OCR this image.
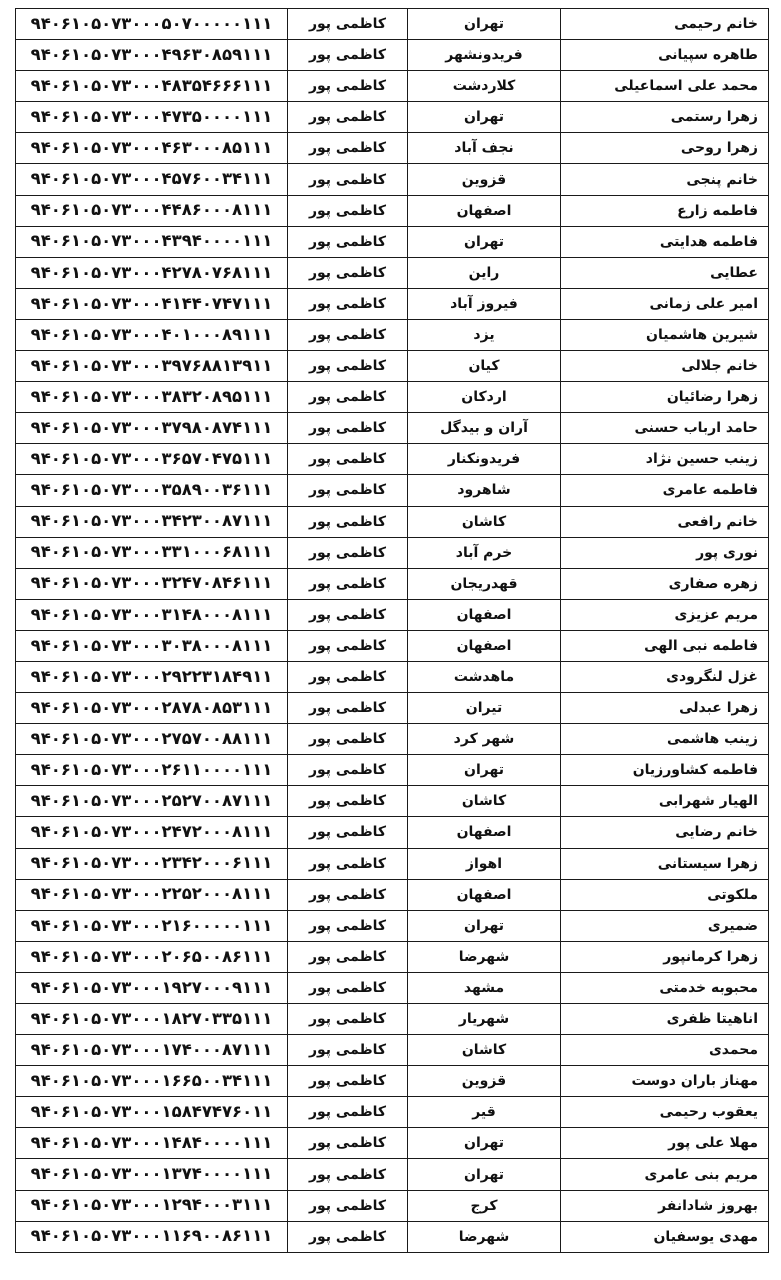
۹۴۰۶۱۰۵۰۷۳۰۰۰۵۰۷۰۰۰۰۰۱۱۱	کاظمی پور	تهران	خانم رحیمی
۹۴۰۶۱۰۵۰۷۳۰۰۰۴۹۶۳۰۸۵۹۱۱۱	کاظمی پور	فریدونشهر	طاهره سپیانی
۹۴۰۶۱۰۵۰۷۳۰۰۰۴۸۳۵۴۶۶۶۱۱۱	کاظمی پور	کلاردشت	محمد علی اسماعیلی
۹۴۰۶۱۰۵۰۷۳۰۰۰۴۷۳۵۰۰۰۰۱۱۱	کاظمی پور	تهران	زهرا رستمی
۹۴۰۶۱۰۵۰۷۳۰۰۰۴۶۳۰۰۰۸۵۱۱۱	کاظمی پور	نجف آباد	زهرا روحی
۹۴۰۶۱۰۵۰۷۳۰۰۰۴۵۷۶۰۰۳۴۱۱۱	کاظمی پور	قزوین	خانم پنجی
۹۴۰۶۱۰۵۰۷۳۰۰۰۴۴۸۶۰۰۰۸۱۱۱	کاظمی پور	اصفهان	فاطمه زارع
۹۴۰۶۱۰۵۰۷۳۰۰۰۴۳۹۴۰۰۰۰۱۱۱	کاظمی پور	تهران	فاطمه هدایتی
۹۴۰۶۱۰۵۰۷۳۰۰۰۴۲۷۸۰۷۶۸۱۱۱	کاظمی پور	راین	عطایی
۹۴۰۶۱۰۵۰۷۳۰۰۰۴۱۴۴۰۷۴۷۱۱۱	کاظمی پور	فیروز آباد	امیر علی زمانی
۹۴۰۶۱۰۵۰۷۳۰۰۰۴۰۱۰۰۰۸۹۱۱۱	کاظمی پور	یزد	شیرین هاشمیان
۹۴۰۶۱۰۵۰۷۳۰۰۰۳۹۷۶۸۸۱۳۹۱۱	کاظمی پور	کیان	خانم جلالی
۹۴۰۶۱۰۵۰۷۳۰۰۰۳۸۳۲۰۸۹۵۱۱۱	کاظمی پور	اردکان	زهرا رضائیان
۹۴۰۶۱۰۵۰۷۳۰۰۰۳۷۹۸۰۸۷۴۱۱۱	کاظمی پور	آران و بیدگل	حامد ارباب حسنی
۹۴۰۶۱۰۵۰۷۳۰۰۰۳۶۵۷۰۴۷۵۱۱۱	کاظمی پور	فریدونکنار	زینب حسین نژاد
۹۴۰۶۱۰۵۰۷۳۰۰۰۳۵۸۹۰۰۳۶۱۱۱	کاظمی پور	شاهرود	فاطمه عامری
۹۴۰۶۱۰۵۰۷۳۰۰۰۳۴۲۳۰۰۸۷۱۱۱	کاظمی پور	کاشان	خانم رافعی
۹۴۰۶۱۰۵۰۷۳۰۰۰۳۳۱۰۰۰۶۸۱۱۱	کاظمی پور	خرم آباد	نوری پور
۹۴۰۶۱۰۵۰۷۳۰۰۰۳۲۴۷۰۸۴۶۱۱۱	کاظمی پور	قهدریجان	زهره صفاری
۹۴۰۶۱۰۵۰۷۳۰۰۰۳۱۴۸۰۰۰۸۱۱۱	کاظمی پور	اصفهان	مریم عزیزی
۹۴۰۶۱۰۵۰۷۳۰۰۰۳۰۳۸۰۰۰۸۱۱۱	کاظمی پور	اصفهان	فاطمه نبی الهی
۹۴۰۶۱۰۵۰۷۳۰۰۰۲۹۲۲۳۱۸۴۹۱۱	کاظمی پور	ماهدشت	غزل لنگرودی
۹۴۰۶۱۰۵۰۷۳۰۰۰۲۸۷۸۰۸۵۳۱۱۱	کاظمی پور	تیران	زهرا عبدلی
۹۴۰۶۱۰۵۰۷۳۰۰۰۲۷۵۷۰۰۸۸۱۱۱	کاظمی پور	شهر کرد	زینب هاشمی
۹۴۰۶۱۰۵۰۷۳۰۰۰۲۶۱۱۰۰۰۰۱۱۱	کاظمی پور	تهران	فاطمه کشاورزیان
۹۴۰۶۱۰۵۰۷۳۰۰۰۲۵۲۷۰۰۸۷۱۱۱	کاظمی پور	کاشان	الهیار شهرابی
۹۴۰۶۱۰۵۰۷۳۰۰۰۲۴۷۲۰۰۰۸۱۱۱	کاظمی پور	اصفهان	خانم رضایی
۹۴۰۶۱۰۵۰۷۳۰۰۰۲۳۴۲۰۰۰۶۱۱۱	کاظمی پور	اهواز	زهرا سیستانی
۹۴۰۶۱۰۵۰۷۳۰۰۰۲۲۵۲۰۰۰۸۱۱۱	کاظمی پور	اصفهان	ملکوتی
۹۴۰۶۱۰۵۰۷۳۰۰۰۲۱۶۰۰۰۰۰۱۱۱	کاظمی پور	تهران	ضمیری
۹۴۰۶۱۰۵۰۷۳۰۰۰۲۰۶۵۰۰۸۶۱۱۱	کاظمی پور	شهرضا	زهرا کرمانپور
۹۴۰۶۱۰۵۰۷۳۰۰۰۱۹۲۷۰۰۰۹۱۱۱	کاظمی پور	مشهد	محبوبه خدمتی
۹۴۰۶۱۰۵۰۷۳۰۰۰۱۸۲۷۰۳۳۵۱۱۱	کاظمی پور	شهریار	اناهیتا ظفری
۹۴۰۶۱۰۵۰۷۳۰۰۰۱۷۴۰۰۰۸۷۱۱۱	کاظمی پور	کاشان	محمدی
۹۴۰۶۱۰۵۰۷۳۰۰۰۱۶۶۵۰۰۳۴۱۱۱	کاظمی پور	قزوین	مهناز باران دوست
۹۴۰۶۱۰۵۰۷۳۰۰۰۱۵۸۴۷۴۷۶۰۱۱	کاظمی پور	قیر	یعقوب رحیمی
۹۴۰۶۱۰۵۰۷۳۰۰۰۱۴۸۴۰۰۰۰۱۱۱	کاظمی پور	تهران	مهلا علی پور
۹۴۰۶۱۰۵۰۷۳۰۰۰۱۳۷۴۰۰۰۰۱۱۱	کاظمی پور	تهران	مریم بنی عامری
۹۴۰۶۱۰۵۰۷۳۰۰۰۱۲۹۴۰۰۰۳۱۱۱	کاظمی پور	کرج	بهروز شادانفر
۹۴۰۶۱۰۵۰۷۳۰۰۰۱۱۶۹۰۰۸۶۱۱۱	کاظمی پور	شهرضا	مهدی یوسفیان
